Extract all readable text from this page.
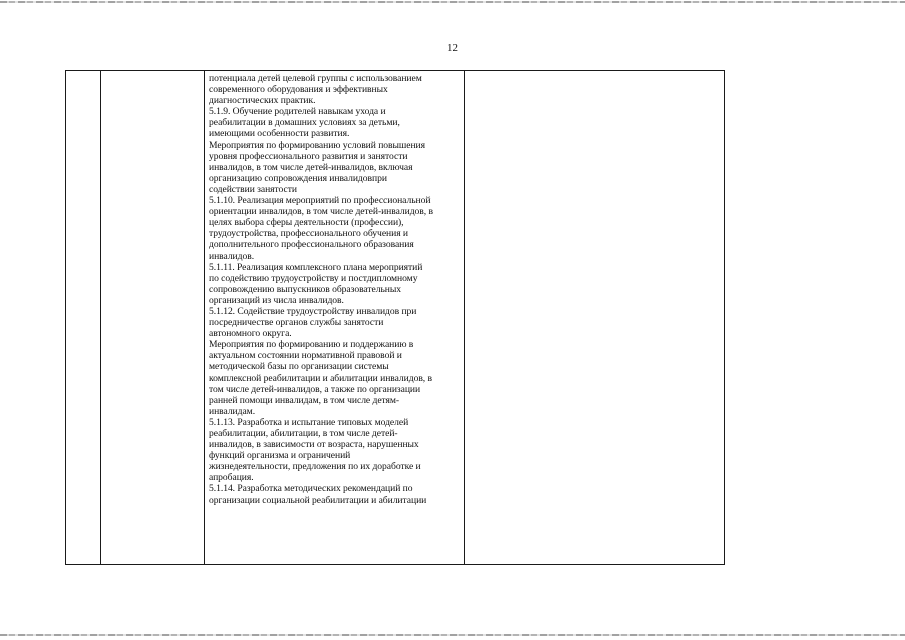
12

потенциала детей целевой группы с использованием
современного оборудования и эффективных
диагностических практик.
5.1.9. Обучение родителей навыкам ухода и
реабилитации в домашних условиях за детьми,
имеющими особенности развития.
Мероприятия по формированию условий повышения
уровня профессионального развития и занятости
инвалидов, в том числе детей-инвалидов, включая
организацию сопровождения инвалидовпри
содействии занятости
5.1.10. Реализация мероприятий по профессиональной
ориентации инвалидов, в том числе детей-инвалидов, в
целях выбора сферы деятельности (профессии),
трудоустройства, профессионального обучения и
дополнительного профессионального образования
инвалидов.
5.1.11. Реализация комплексного плана мероприятий
по содействию трудоустройству и постдипломному
сопровождению выпускников образовательных
организаций из числа инвалидов.
5.1.12. Содействие трудоустройству инвалидов при
посредничестве органов службы занятости
автономного округа.
Мероприятия по формированию и поддержанию в
актуальном состоянии нормативной правовой и
методической базы по организации системы
комплексной реабилитации и абилитации инвалидов, в
том числе детей-инвалидов, а также по организации
ранней помощи инвалидам, в том числе детям-
инвалидам.
5.1.13. Разработка и испытание типовых моделей
реабилитации, абилитации, в том числе детей-
инвалидов, в зависимости от возраста, нарушенных
функций организма и ограничений
жизнедеятельности, предложения по их доработке и
апробация.
5.1.14. Разработка методических рекомендаций по
организации социальной реабилитации и абилитации
